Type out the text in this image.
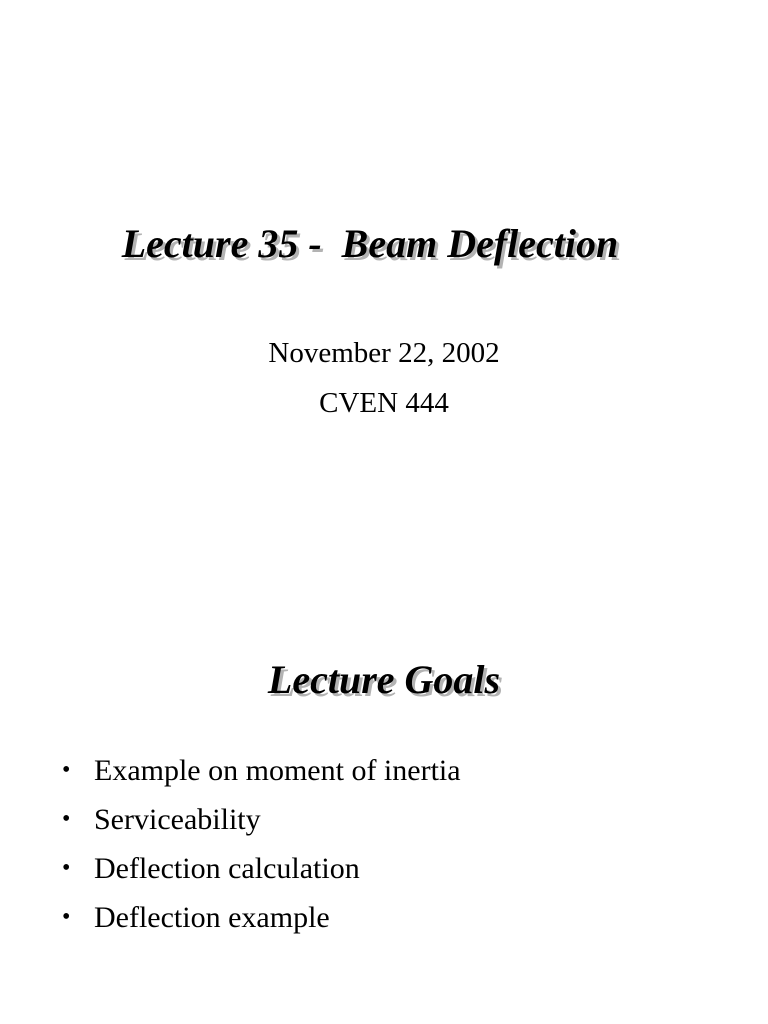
Lecture 35 -  Beam Deflection
November 22, 2002
CVEN 444
Lecture Goals
• Example on moment of inertia
• Serviceability
• Deflection calculation
• Deflection example
